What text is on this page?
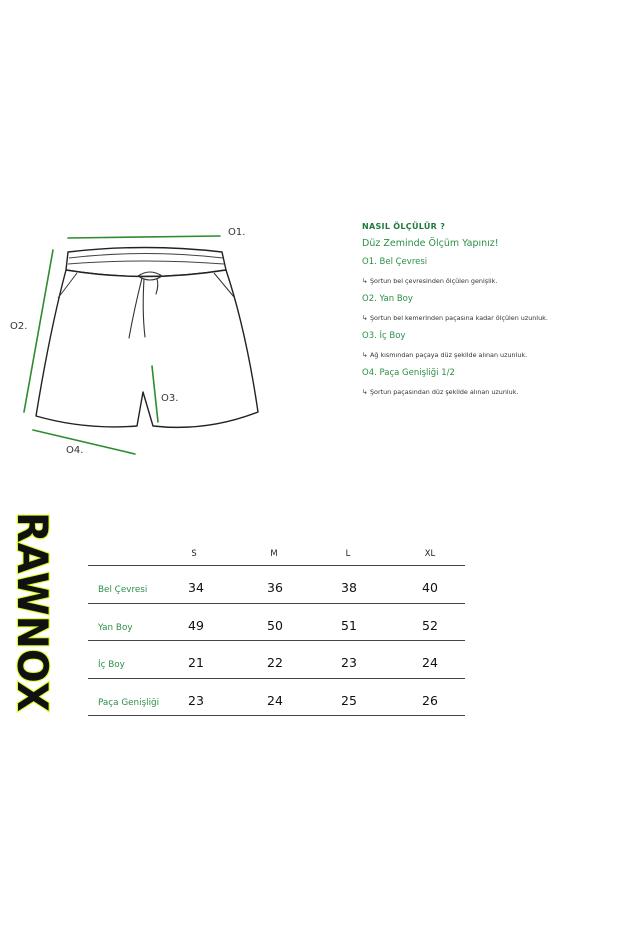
O1.
O2.
O3.
O4.
NASIL ÖLÇÜLÜR ?
Düz Zeminde Ölçüm Yapınız!
O1. Bel Çevresi
↳ Şortun bel çevresinden ölçülen genişlik.
O2. Yan Boy
↳ Şortun bel kemerinden paçasına kadar ölçülen uzunluk.
O3. İç Boy
↳ Ağ kısmından paçaya düz şekilde alınan uzunluk.
O4. Paça Genişliği 1/2
↳ Şortun paçasından düz şekilde alınan uzunluk.
RAWNOX	S	M	L	XL
Bel Çevresi	34	36	38	40
Yan Boy	49	50	51	52
İç Boy	21	22	23	24
Paça Genişliği 23	24	25	26
